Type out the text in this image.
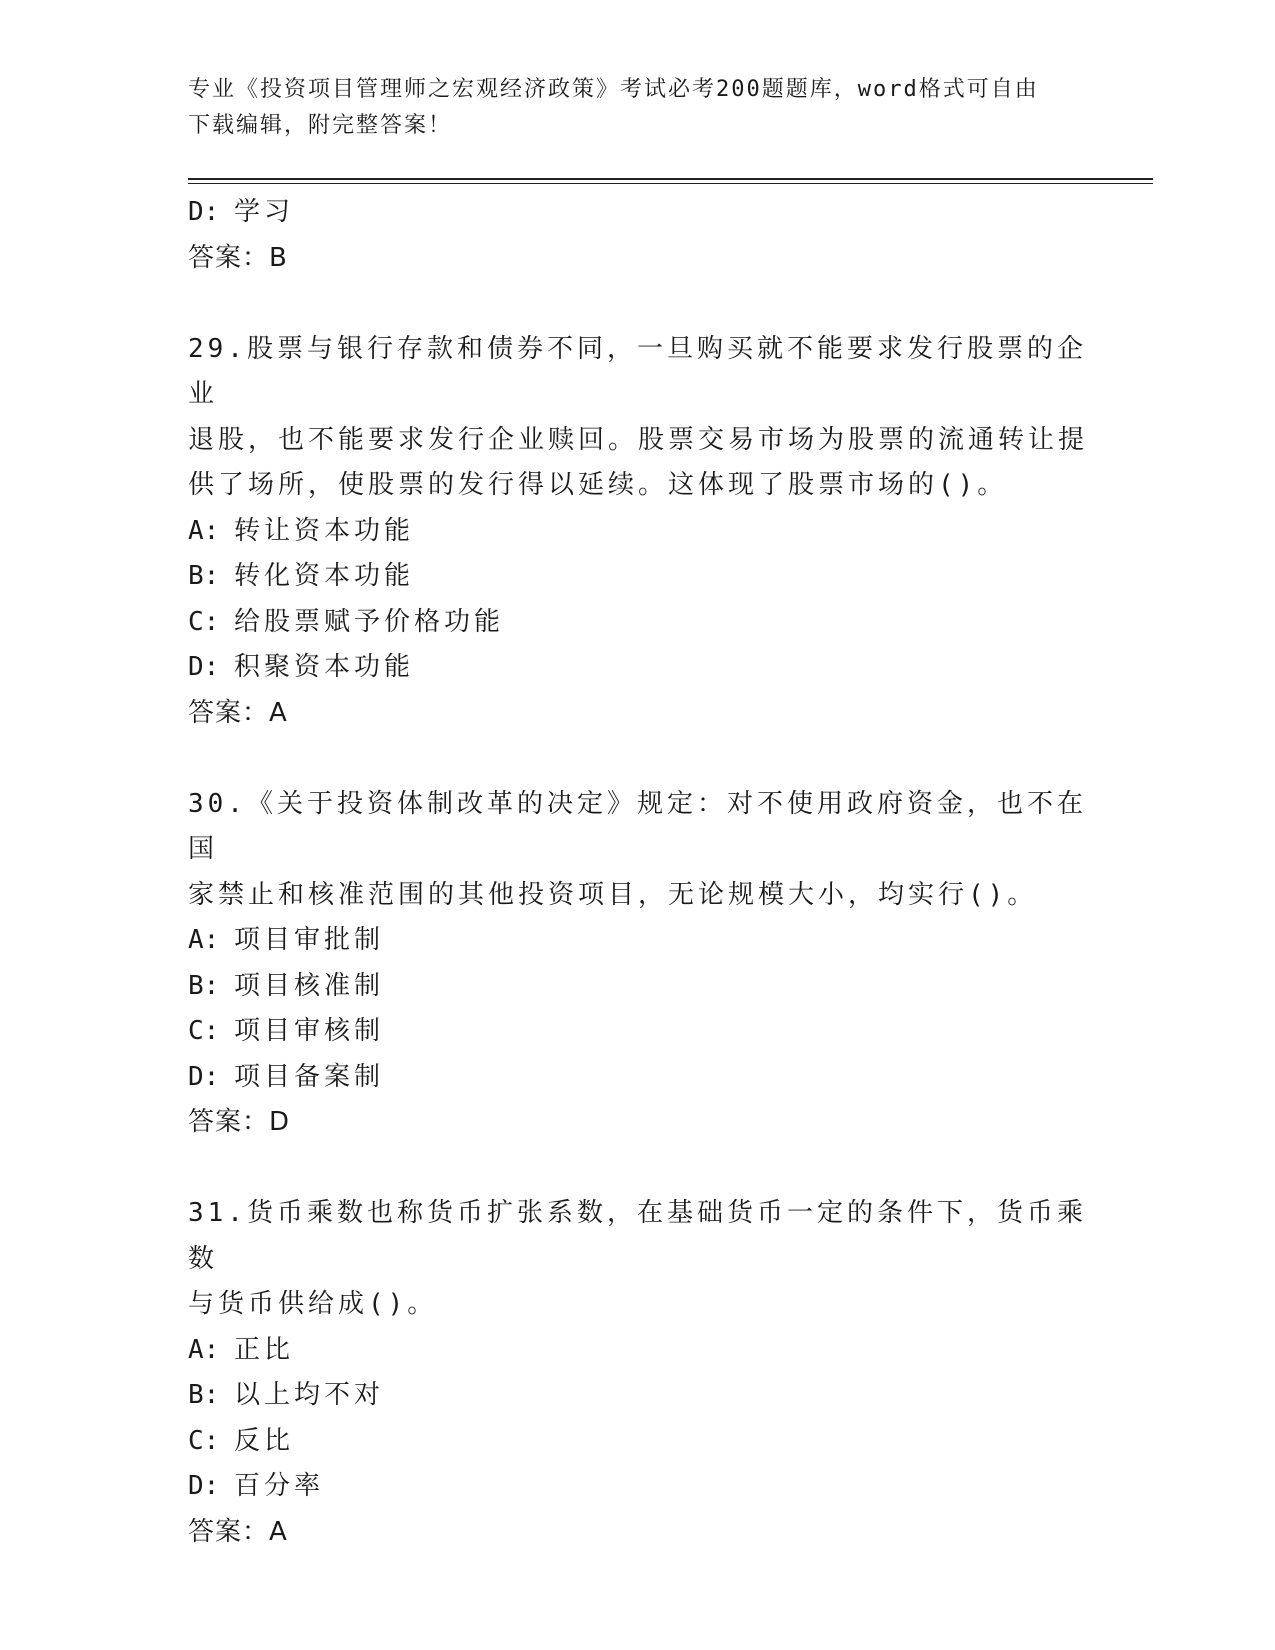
专业《投资项目管理师之宏观经济政策》考试必考200题题库，word格式可自由
下载编辑，附完整答案！
D: 学习
答案：B
29.股票与银行存款和债券不同，一旦购买就不能要求发行股票的企业
退股，也不能要求发行企业赎回。股票交易市场为股票的流通转让提
供了场所，使股票的发行得以延续。这体现了股票市场的()。
A: 转让资本功能
B: 转化资本功能
C: 给股票赋予价格功能
D: 积聚资本功能
答案：A
30.《关于投资体制改革的决定》规定：对不使用政府资金，也不在国
家禁止和核准范围的其他投资项目，无论规模大小，均实行()。
A: 项目审批制
B: 项目核准制
C: 项目审核制
D: 项目备案制
答案：D
31.货币乘数也称货币扩张系数，在基础货币一定的条件下，货币乘数
与货币供给成()。
A: 正比
B: 以上均不对
C: 反比
D: 百分率
答案：A
